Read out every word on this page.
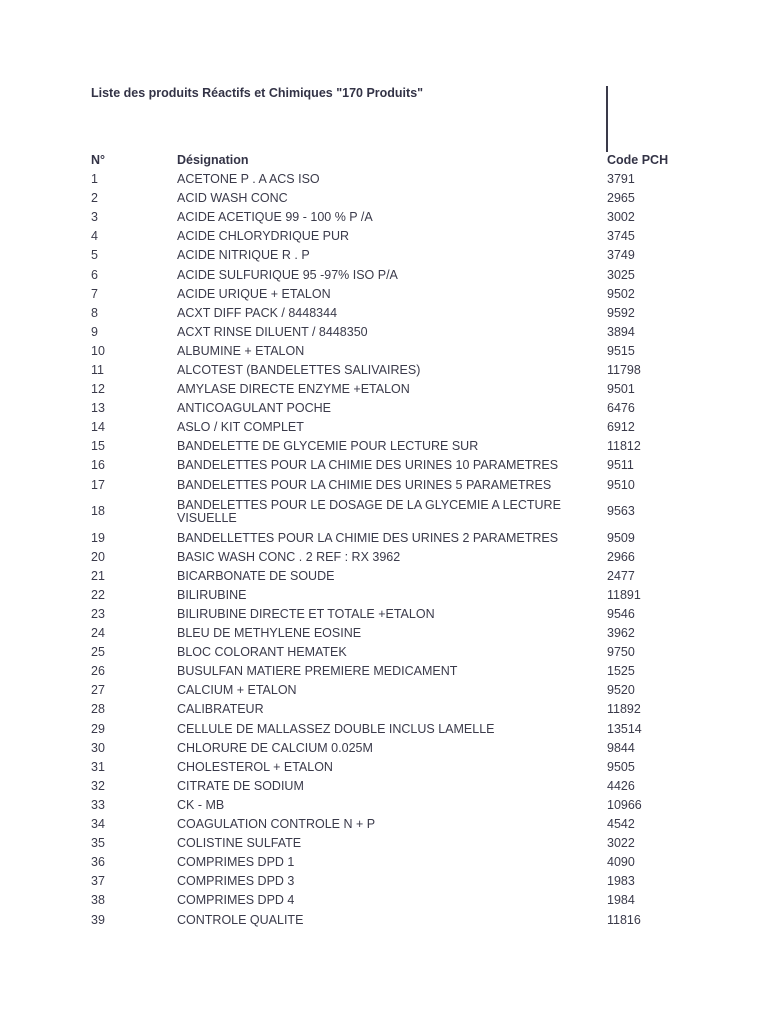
Liste des produits Réactifs et Chimiques "170 Produits"
N°	Désignation	Code PCH
1	ACETONE P . A ACS ISO	3791
2	ACID WASH CONC	2965
3	ACIDE ACETIQUE 99 - 100 % P /A	3002
4	ACIDE CHLORYDRIQUE PUR	3745
5	ACIDE NITRIQUE R . P	3749
6	ACIDE SULFURIQUE 95 -97% ISO P/A	3025
7	ACIDE URIQUE + ETALON	9502
8	ACXT DIFF PACK / 8448344	9592
9	ACXT RINSE DILUENT / 8448350	3894
10	ALBUMINE + ETALON	9515
11	ALCOTEST (BANDELETTES SALIVAIRES)	11798
12	AMYLASE DIRECTE ENZYME +ETALON	9501
13	ANTICOAGULANT POCHE	6476
14	ASLO / KIT COMPLET	6912
15	BANDELETTE DE GLYCEMIE POUR LECTURE SUR	11812
16	BANDELETTES POUR LA CHIMIE DES URINES 10 PARAMETRES	9511
17	BANDELETTES POUR LA CHIMIE DES URINES 5 PARAMETRES	9510
18	BANDELETTES POUR LE DOSAGE DE LA GLYCEMIE A LECTURE VISUELLE	9563
19	BANDELLETTES POUR LA CHIMIE DES URINES 2 PARAMETRES	9509
20	BASIC WASH CONC . 2 REF : RX 3962	2966
21	BICARBONATE DE SOUDE	2477
22	BILIRUBINE	11891
23	BILIRUBINE DIRECTE ET TOTALE +ETALON	9546
24	BLEU DE METHYLENE EOSINE	3962
25	BLOC COLORANT HEMATEK	9750
26	BUSULFAN MATIERE PREMIERE MEDICAMENT	1525
27	CALCIUM + ETALON	9520
28	CALIBRATEUR	11892
29	CELLULE DE MALLASSEZ DOUBLE INCLUS LAMELLE	13514
30	CHLORURE DE CALCIUM 0.025M	9844
31	CHOLESTEROL + ETALON	9505
32	CITRATE DE SODIUM	4426
33	CK - MB	10966
34	COAGULATION CONTROLE N + P	4542
35	COLISTINE SULFATE	3022
36	COMPRIMES DPD 1	4090
37	COMPRIMES DPD 3	1983
38	COMPRIMES DPD 4	1984
39	CONTROLE QUALITE	11816
